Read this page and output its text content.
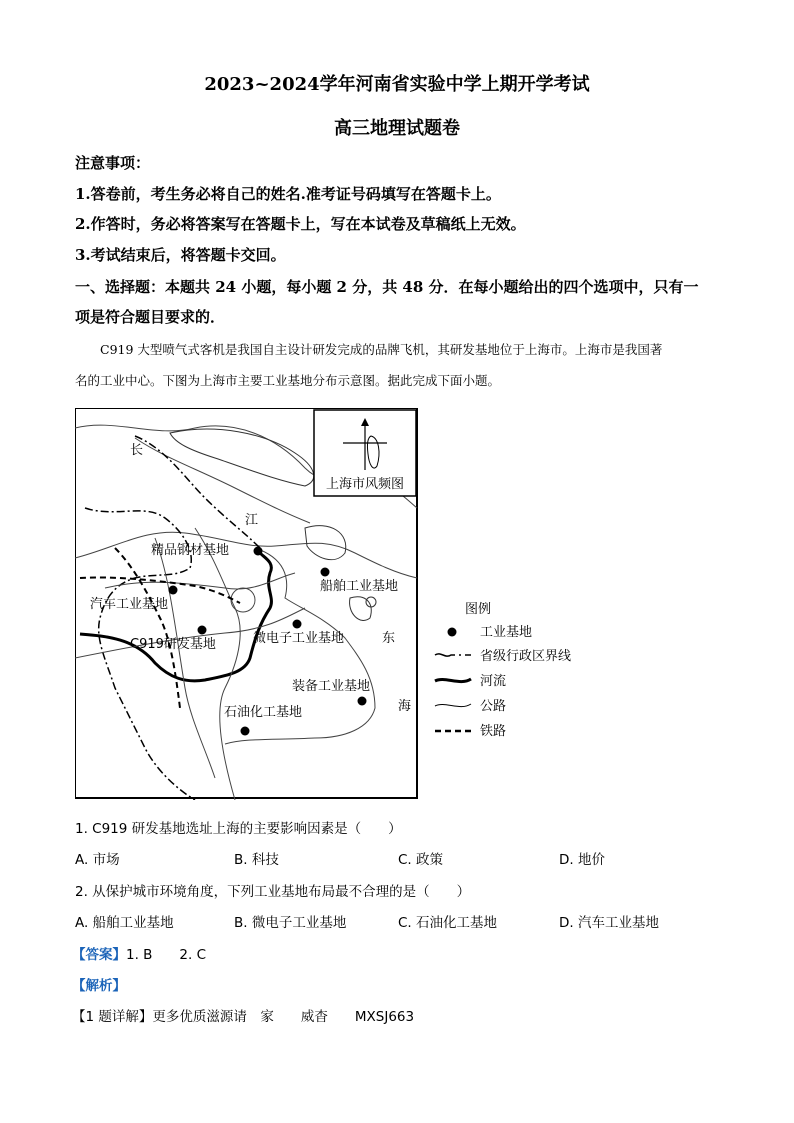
2023~2024学年河南省实验中学上期开学考试
高三地理试题卷
注意事项：
1.答卷前，考生务必将自己的姓名.准考证号码填写在答题卡上。
2.作答时，务必将答案写在答题卡上，写在本试卷及草稿纸上无效。
3.考试结束后，将答题卡交回。
一、选择题：本题共 24 小题，每小题 2 分，共 48 分．在每小题给出的四个选项中，只有一
项是符合题目要求的．
C919 大型喷气式客机是我国自主设计研发完成的品牌飞机，其研发基地位于上海市。上海市是我国著
名的工业中心。下图为上海市主要工业基地分布示意图。据此完成下面小题。
上海市风频图
长
江
东
海
精品钢材基地
船舶工业基地
汽车工业基地
C919研发基地	微电子工业基地
装备工业基地
石油化工基地
图例
工业基地
省级行政区界线
河流
公路
铁路
1. C919 研发基地选址上海的主要影响因素是（　　）
A. 市场	B. 科技	C. 政策	D. 地价
2. 从保护城市环境角度，下列工业基地布局最不合理的是（　　）
A. 船舶工业基地	B. 微电子工业基地	C. 石油化工基地	D. 汽车工业基地
【答案】1. B　　2. C
【解析】
【1 题详解】更多优质滋源请　家　　威杳　　MXSJ663
